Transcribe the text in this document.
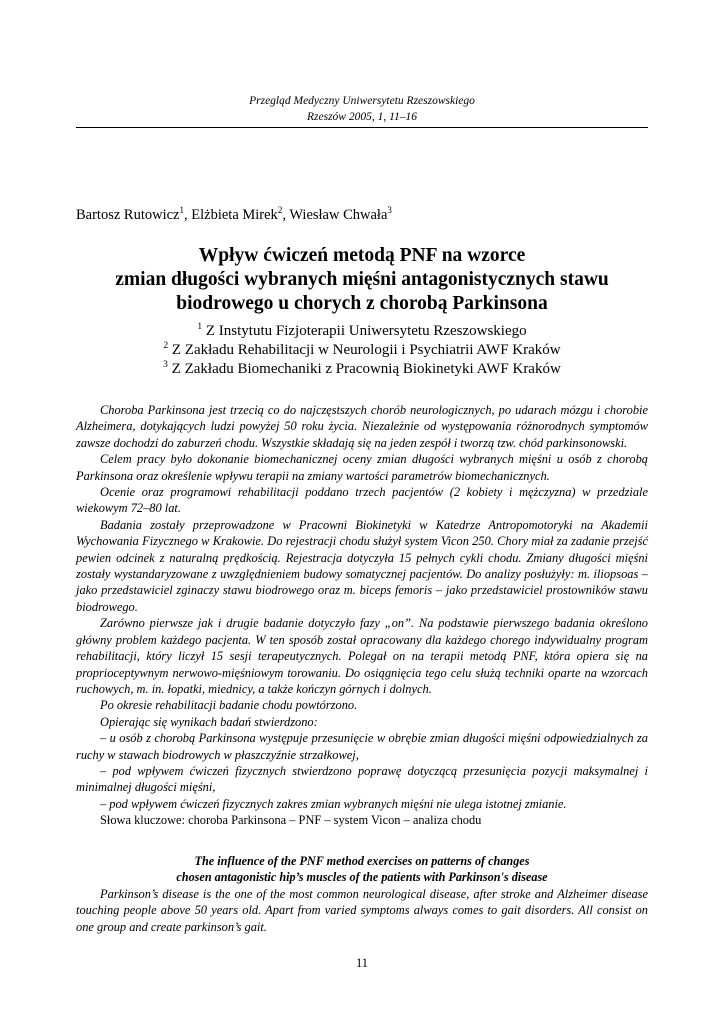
Przegląd Medyczny Uniwersytetu Rzeszowskiego
Rzeszów 2005, 1, 11–16
Bartosz Rutowicz$^1$, Elżbieta Mirek$^2$, Wiesław Chwała$^3$
Wpływ ćwiczeń metodą PNF na wzorce
zmian długości wybranych mięśni antagonistycznych stawu
biodrowego u chorych z chorobą Parkinsona
$^1$ Z Instytutu Fizjoterapii Uniwersytetu Rzeszowskiego
$^2$ Z Zakładu Rehabilitacji w Neurologii i Psychiatrii AWF Kraków
$^3$ Z Zakładu Biomechaniki z Pracownią Biokinetyki AWF Kraków

Choroba Parkinsona jest trzecią co do najczęstszych chorób neurologicznych, po udarach mózgu i chorobie Alzheimera, dotykających ludzi powyżej 50 roku życia. Niezależnie od występowania różnorodnych symptomów zawsze dochodzi do zaburzeń chodu. Wszystkie składają się na jeden zespół i tworzą tzw. chód parkinsonowski.

Celem pracy było dokonanie biomechanicznej oceny zmian długości wybranych mięśni u osób z chorobą Parkinsona oraz określenie wpływu terapii na zmiany wartości parametrów biomechanicznych.

Ocenie oraz programowi rehabilitacji poddano trzech pacjentów (2 kobiety i mężczyzna) w przedziale wiekowym 72–80 lat.

Badania zostały przeprowadzone w Pracowni Biokinetyki w Katedrze Antropomotoryki na Akademii Wychowania Fizycznego w Krakowie. Do rejestracji chodu służył system Vicon 250. Chory miał za zadanie przejść pewien odcinek z naturalną prędkością. Rejestracja dotyczyła 15 pełnych cykli chodu. Zmiany długości mięśni zostały wystandaryzowane z uwzględnieniem budowy somatycznej pacjentów. Do analizy posłużyły: m. iliopsoas – jako przedstawiciel zginaczy stawu biodrowego oraz m. biceps femoris – jako przedstawiciel prostowników stawu biodrowego.

Zarówno pierwsze jak i drugie badanie dotyczyło fazy „on”. Na podstawie pierwszego badania określono główny problem każdego pacjenta. W ten sposób został opracowany dla każdego chorego indywidualny program rehabilitacji, który liczył 15 sesji terapeutycznych. Polegał on na terapii metodą PNF, która opiera się na proprioceptywnym nerwowo-mięśniowym torowaniu. Do osiągnięcia tego celu służą techniki oparte na wzorcach ruchowych, m. in. łopatki, miednicy, a także kończyn górnych i dolnych.

Po okresie rehabilitacji badanie chodu powtórzono.

Opierając się wynikach badań stwierdzono:

– u osób z chorobą Parkinsona występuje przesunięcie w obrębie zmian długości mięśni odpowiedzialnych za ruchy w stawach biodrowych w płaszczyźnie strzałkowej,

– pod wpływem ćwiczeń fizycznych stwierdzono poprawę dotyczącą przesunięcia pozycji maksymalnej i minimalnej długości mięśni,

– pod wpływem ćwiczeń fizycznych zakres zmian wybranych mięśni nie ulega istotnej zmianie.

Słowa kluczowe: choroba Parkinsona – PNF – system Vicon – analiza chodu

The influence of the PNF method exercises on patterns of changes
chosen antagonistic hip’s muscles of the patients with Parkinson's disease

Parkinson’s disease is the one of the most common neurological disease, after stroke and Alzheimer disease touching people above 50 years old. Apart from varied symptoms always comes to gait disorders. All consist on one group and create parkinson’s gait.

11
